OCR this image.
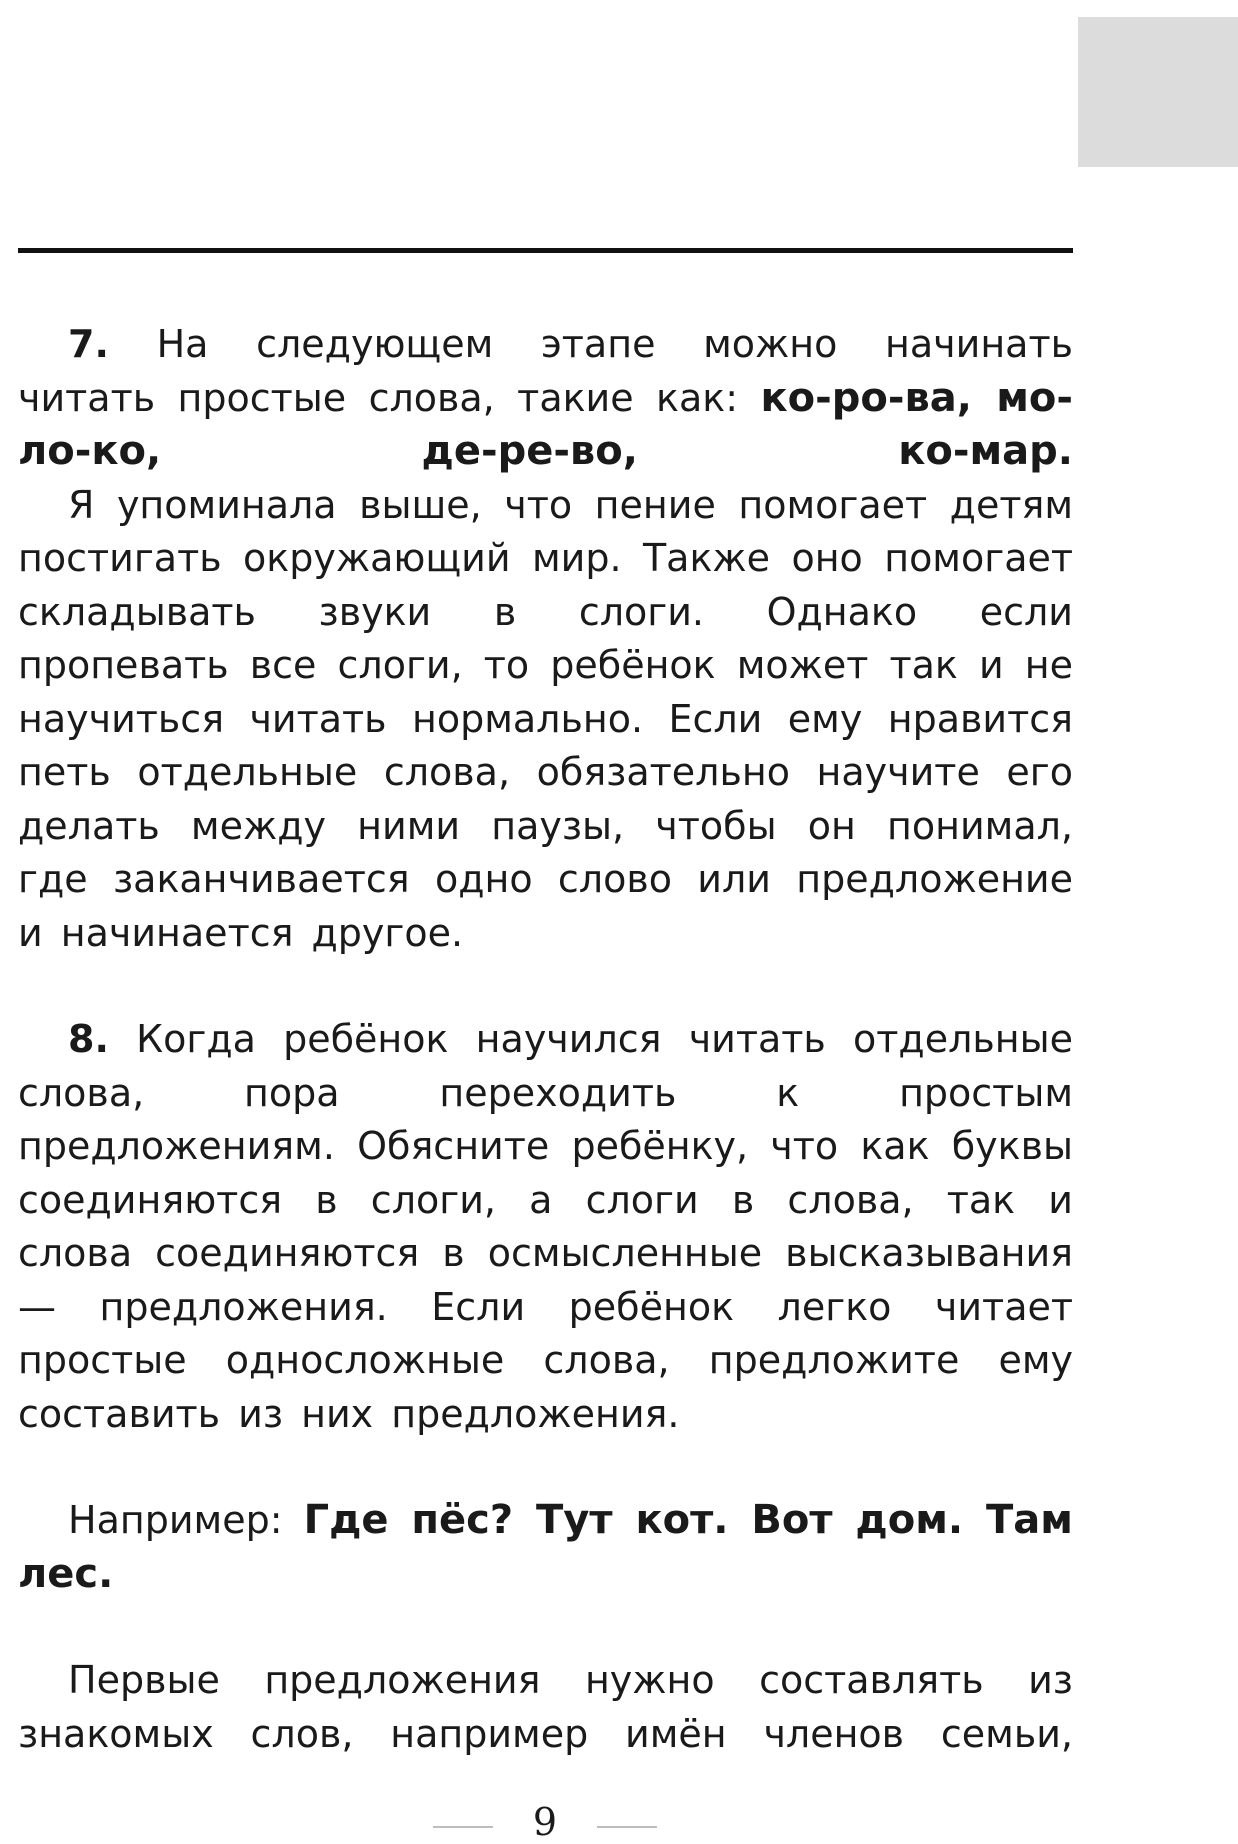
7. На следующем этапе можно начинать читать простые слова, такие как: ко-ро-ва, мо-ло-ко, де-ре-во, ко-мар.

Я упоминала выше, что пение помогает детям постигать окружающий мир. Также оно помогает складывать звуки в слоги. Однако если пропевать все слоги, то ребёнок может так и не научиться читать нормально. Если ему нравится петь отдельные слова, обязательно научите его делать между ними паузы, чтобы он понимал, где заканчивается одно слово или предложение и начинается другое.

8. Когда ребёнок научился читать отдельные слова, пора переходить к простым предложениям. Обясните ребёнку, что как буквы соединяются в слоги, а слоги в слова, так и слова соединяются в осмысленные высказывания — предложения. Если ребёнок легко читает простые односложные слова, предложите ему составить из них предложения.

Например: Где пёс? Тут кот. Вот дом. Там лес.

Первые предложения нужно составлять из знакомых слов, например имён членов семьи,

9
